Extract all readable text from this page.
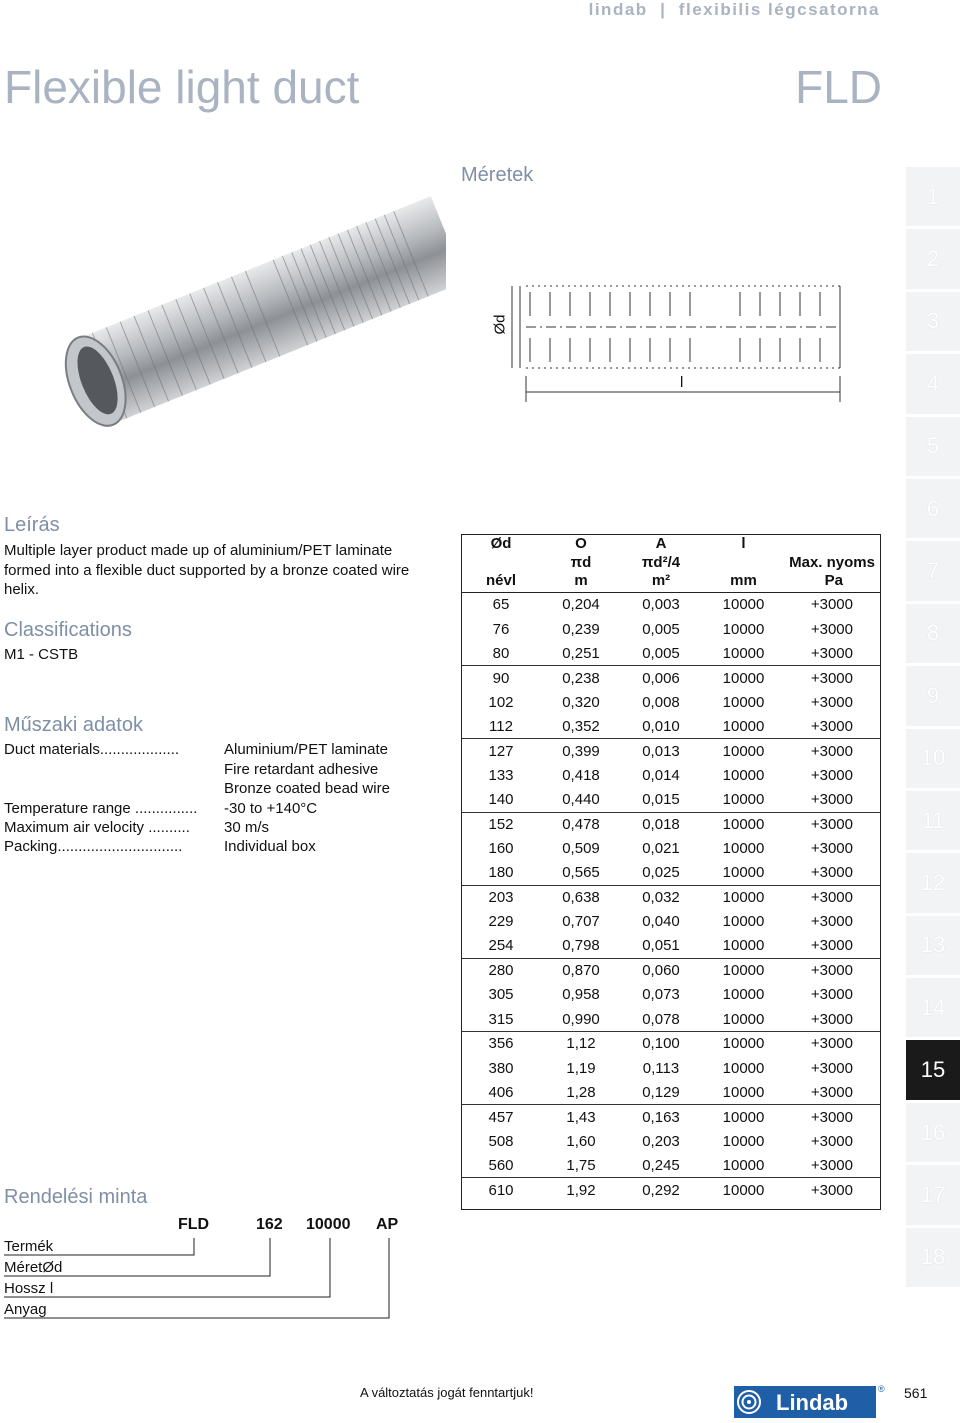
lindab  |  flexibilis légcsatorna
Flexible light duct	FLD
Méretek
Ød
l
Leírás
Multiple layer product made up of aluminium/PET laminate formed into a flexible duct supported by a bronze coated wire helix.
Classifications
M1 - CSTB
Műszaki adatok
Duct materials...................	Aluminium/PET laminate
Fire retardant adhesive
Bronze coated bead wire
Temperature range ...............	-30 to +140°C
Maximum air velocity ..........	30 m/s
Packing..............................	Individual box
Rendelési minta
FLD	162 10000 AP
Termék
MéretØd
Hossz l
Anyag
Ød	O	A	l	
	πd	πd²/4		Max. nyoms
névl	m	m²	mm	Pa
65	0,204	0,003	10000	+3000
76	0,239	0,005	10000	+3000
80	0,251	0,005	10000	+3000
90	0,238	0,006	10000	+3000
102	0,320	0,008	10000	+3000
112	0,352	0,010	10000	+3000
127	0,399	0,013	10000	+3000
133	0,418	0,014	10000	+3000
140	0,440	0,015	10000	+3000
152	0,478	0,018	10000	+3000
160	0,509	0,021	10000	+3000
180	0,565	0,025	10000	+3000
203	0,638	0,032	10000	+3000
229	0,707	0,040	10000	+3000
254	0,798	0,051	10000	+3000
280	0,870	0,060	10000	+3000
305	0,958	0,073	10000	+3000
315	0,990	0,078	10000	+3000
356	1,12	0,100	10000	+3000
380	1,19	0,113	10000	+3000
406	1,28	0,129	10000	+3000
457	1,43	0,163	10000	+3000
508	1,60	0,203	10000	+3000
560	1,75	0,245	10000	+3000
610	1,92	0,292	10000	+3000
1
2
3
4
5
6
7
8
9
10
11
12
13
14
15
16
17
18
A változtatás jogát fenntartjuk!	Lindab
® 561
